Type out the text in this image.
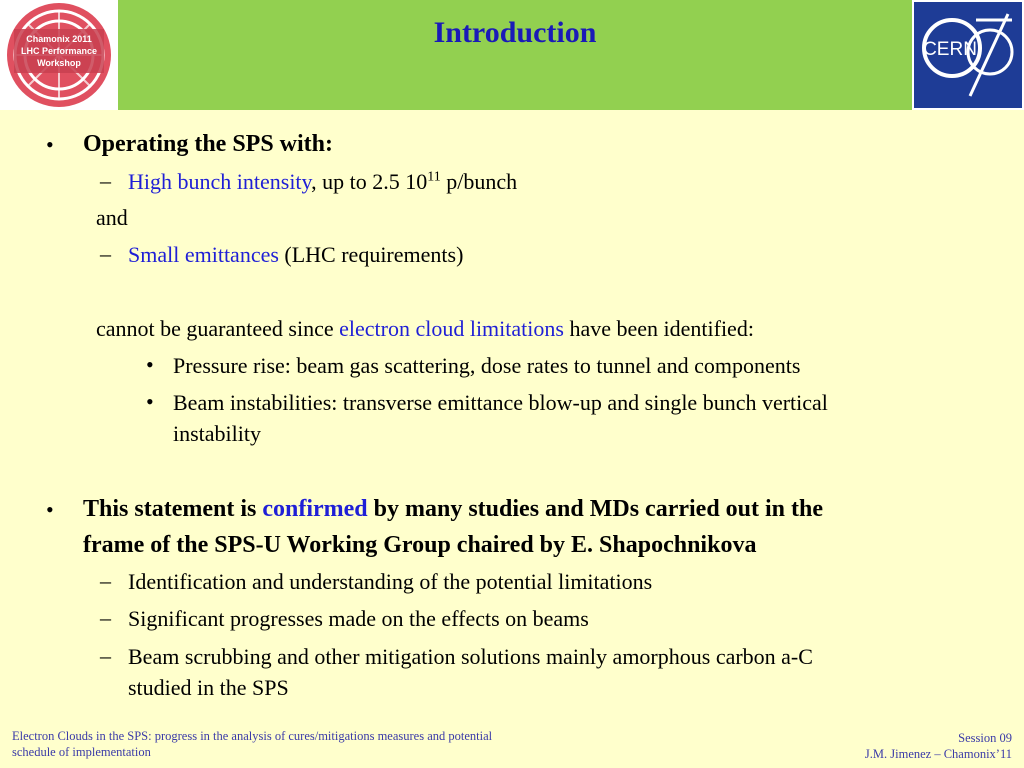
Chamonix 2011
LHC Performance
Workshop
CERN
Introduction
• Operating the SPS with:
– High bunch intensity, up to 2.5 $10^{11}$ p/bunch
and
– Small emittances (LHC requirements)
cannot be guaranteed since electron cloud limitations have been identified:
• Pressure rise: beam gas scattering, dose rates to tunnel and components
• Beam instabilities: transverse emittance blow-up and single bunch vertical
instability
• This statement is confirmed by many studies and MDs carried out in the
frame of the SPS-U Working Group chaired by E. Shapochnikova
– Identification and understanding of the potential limitations
– Significant progresses made on the effects on beams
– Beam scrubbing and other mitigation solutions mainly amorphous carbon a-C
studied in the SPS
Electron Clouds in the SPS: progress in the analysis of cures/mitigations measures and potential
schedule of implementation
Session 09
J.M. Jimenez – Chamonix’11
